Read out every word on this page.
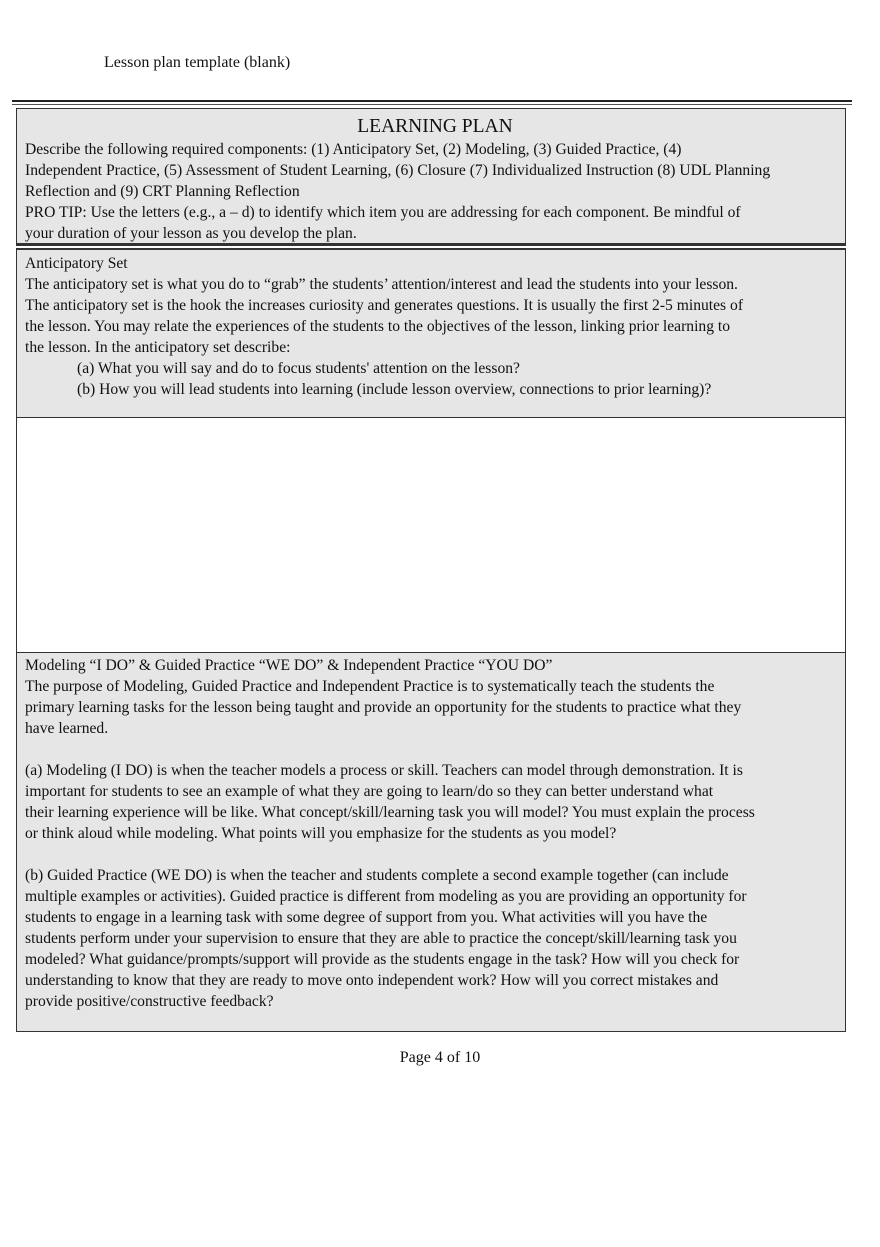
Lesson plan template (blank)

LEARNING PLAN

Describe the following required components: (1) Anticipatory Set, (2) Modeling, (3) Guided Practice, (4)

Independent Practice, (5) Assessment of Student Learning, (6) Closure (7) Individualized Instruction (8) UDL Planning

Reflection and (9) CRT Planning Reflection

PRO TIP: Use the letters (e.g., a – d) to identify which item you are addressing for each component. Be mindful of

your duration of your lesson as you develop the plan.

Anticipatory Set

The anticipatory set is what you do to “grab” the students’ attention/interest and lead the students into your lesson.

The anticipatory set is the hook the increases curiosity and generates questions. It is usually the first 2-5 minutes of

the lesson. You may relate the experiences of the students to the objectives of the lesson, linking prior learning to

the lesson. In the anticipatory set describe:

(a) What you will say and do to focus students' attention on the lesson?

(b) How you will lead students into learning (include lesson overview, connections to prior learning)?

Modeling “I DO” & Guided Practice “WE DO” & Independent Practice “YOU DO”

The purpose of Modeling, Guided Practice and Independent Practice is to systematically teach the students the

primary learning tasks for the lesson being taught and provide an opportunity for the students to practice what they

have learned.

(a) Modeling (I DO) is when the teacher models a process or skill. Teachers can model through demonstration. It is

important for students to see an example of what they are going to learn/do so they can better understand what

their learning experience will be like. What concept/skill/learning task you will model? You must explain the process

or think aloud while modeling. What points will you emphasize for the students as you model?

(b) Guided Practice (WE DO) is when the teacher and students complete a second example together (can include

multiple examples or activities). Guided practice is different from modeling as you are providing an opportunity for

students to engage in a learning task with some degree of support from you. What activities will you have the

students perform under your supervision to ensure that they are able to practice the concept/skill/learning task you

modeled? What guidance/prompts/support will provide as the students engage in the task? How will you check for

understanding to know that they are ready to move onto independent work? How will you correct mistakes and

provide positive/constructive feedback?

Page 4 of 10
